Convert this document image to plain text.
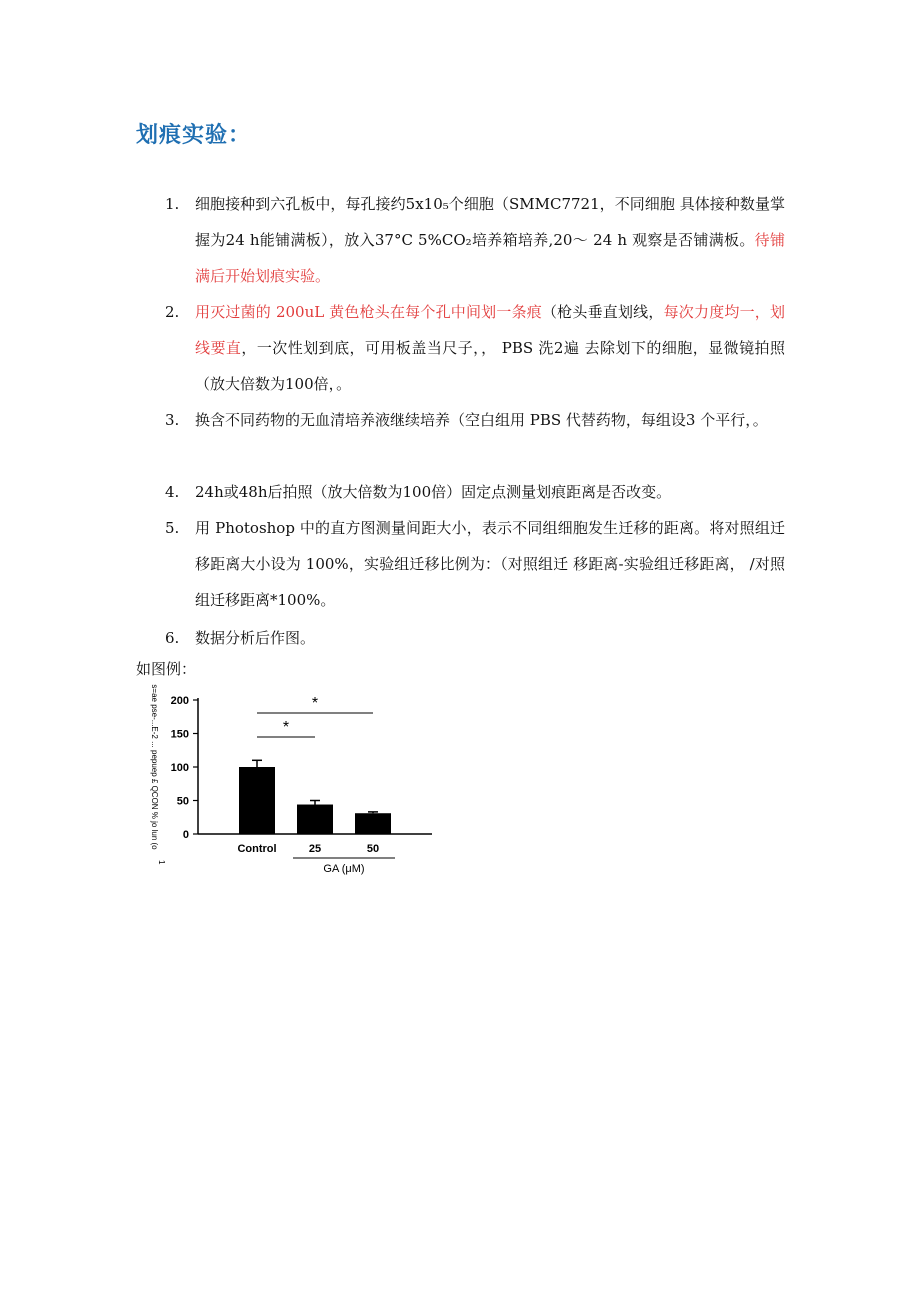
划痕实验：
1.	细胞接种到六孔板中，每孔接约5x10₅个细胞（SMMC7721，不同细胞 具体接种数量掌握为24 h能铺满板），放入37°C 5%CO₂培养箱培养,20〜 24 h 观察是否铺满板。待铺满后开始划痕实验。
2.	用灭过菌的 200uL 黄色枪头在每个孔中间划一条痕（枪头垂直划线，每次力度均一，划线要直，一次性划到底，可用板盖当尺子，， PBS 洗2遍 去除划下的细胞，显微镜拍照（放大倍数为100倍，。
3.	换含不同药物的无血清培养液继续培养（空白组用 PBS 代替药物，每组设3 个平行，。
4.	24h或48h后拍照（放大倍数为100倍）固定点测量划痕距离是否改变。
5.	用 Photoshop 中的直方图测量间距大小，表示不同组细胞发生迁移的距离。将对照组迁移距离大小设为 100%，实验组迁移比例为：（对照组迁 移距离-实验组迁移距离， /对照组迁移距离*100%。
6.	数据分析后作图。
如图例：
200
150
100
50
0
s=ae pse-...E-2 ... pepuep £ QCON % jo lun (o	Control	25	50
GA (μM)
*
*
1
